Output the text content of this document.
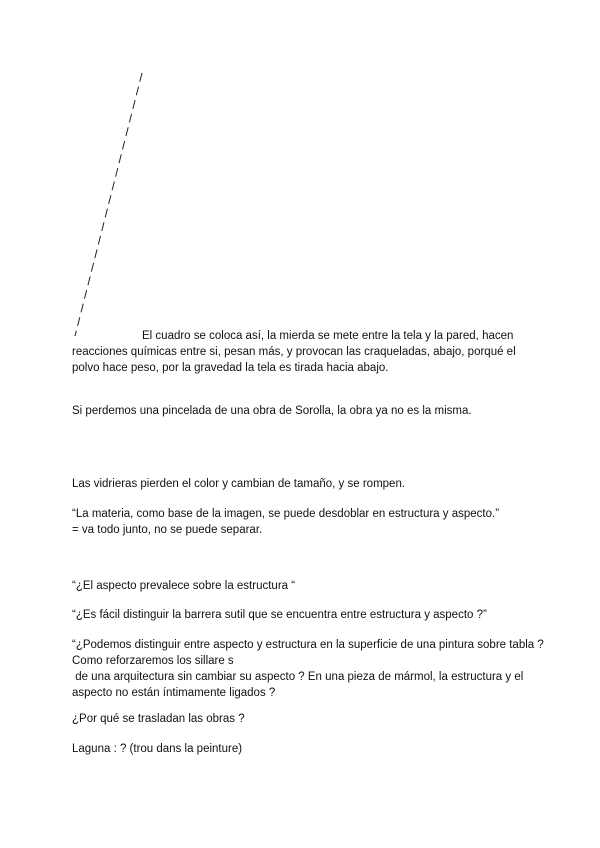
El cuadro se coloca así, la mierda se mete entre la tela y la pared, hacen
reacciones químicas entre si, pesan más, y provocan las craqueladas, abajo, porqué el
polvo hace peso, por la gravedad la tela es tirada hacia abajo.
Si perdemos una pincelada de una obra de Sorolla, la obra ya no es la misma.
Las vidrieras pierden el color y cambian de tamaño, y se rompen.
“La materia, como base de la imagen, se puede desdoblar en estructura y aspecto.”
= va todo junto, no se puede separar.
“¿El aspecto prevalece sobre la estructura “
“¿Es fácil distinguir la barrera sutil que se encuentra entre estructura y aspecto ?”
“¿Podemos distinguir entre aspecto y estructura en la superficie de una pintura sobre tabla ?
Como reforzaremos los sillare s
de una arquitectura sin cambiar su aspecto ? En una pieza de mármol, la estructura y el
aspecto no están íntimamente ligados ?
¿Por qué se trasladan las obras ?
Laguna : ? (trou dans la peinture)
